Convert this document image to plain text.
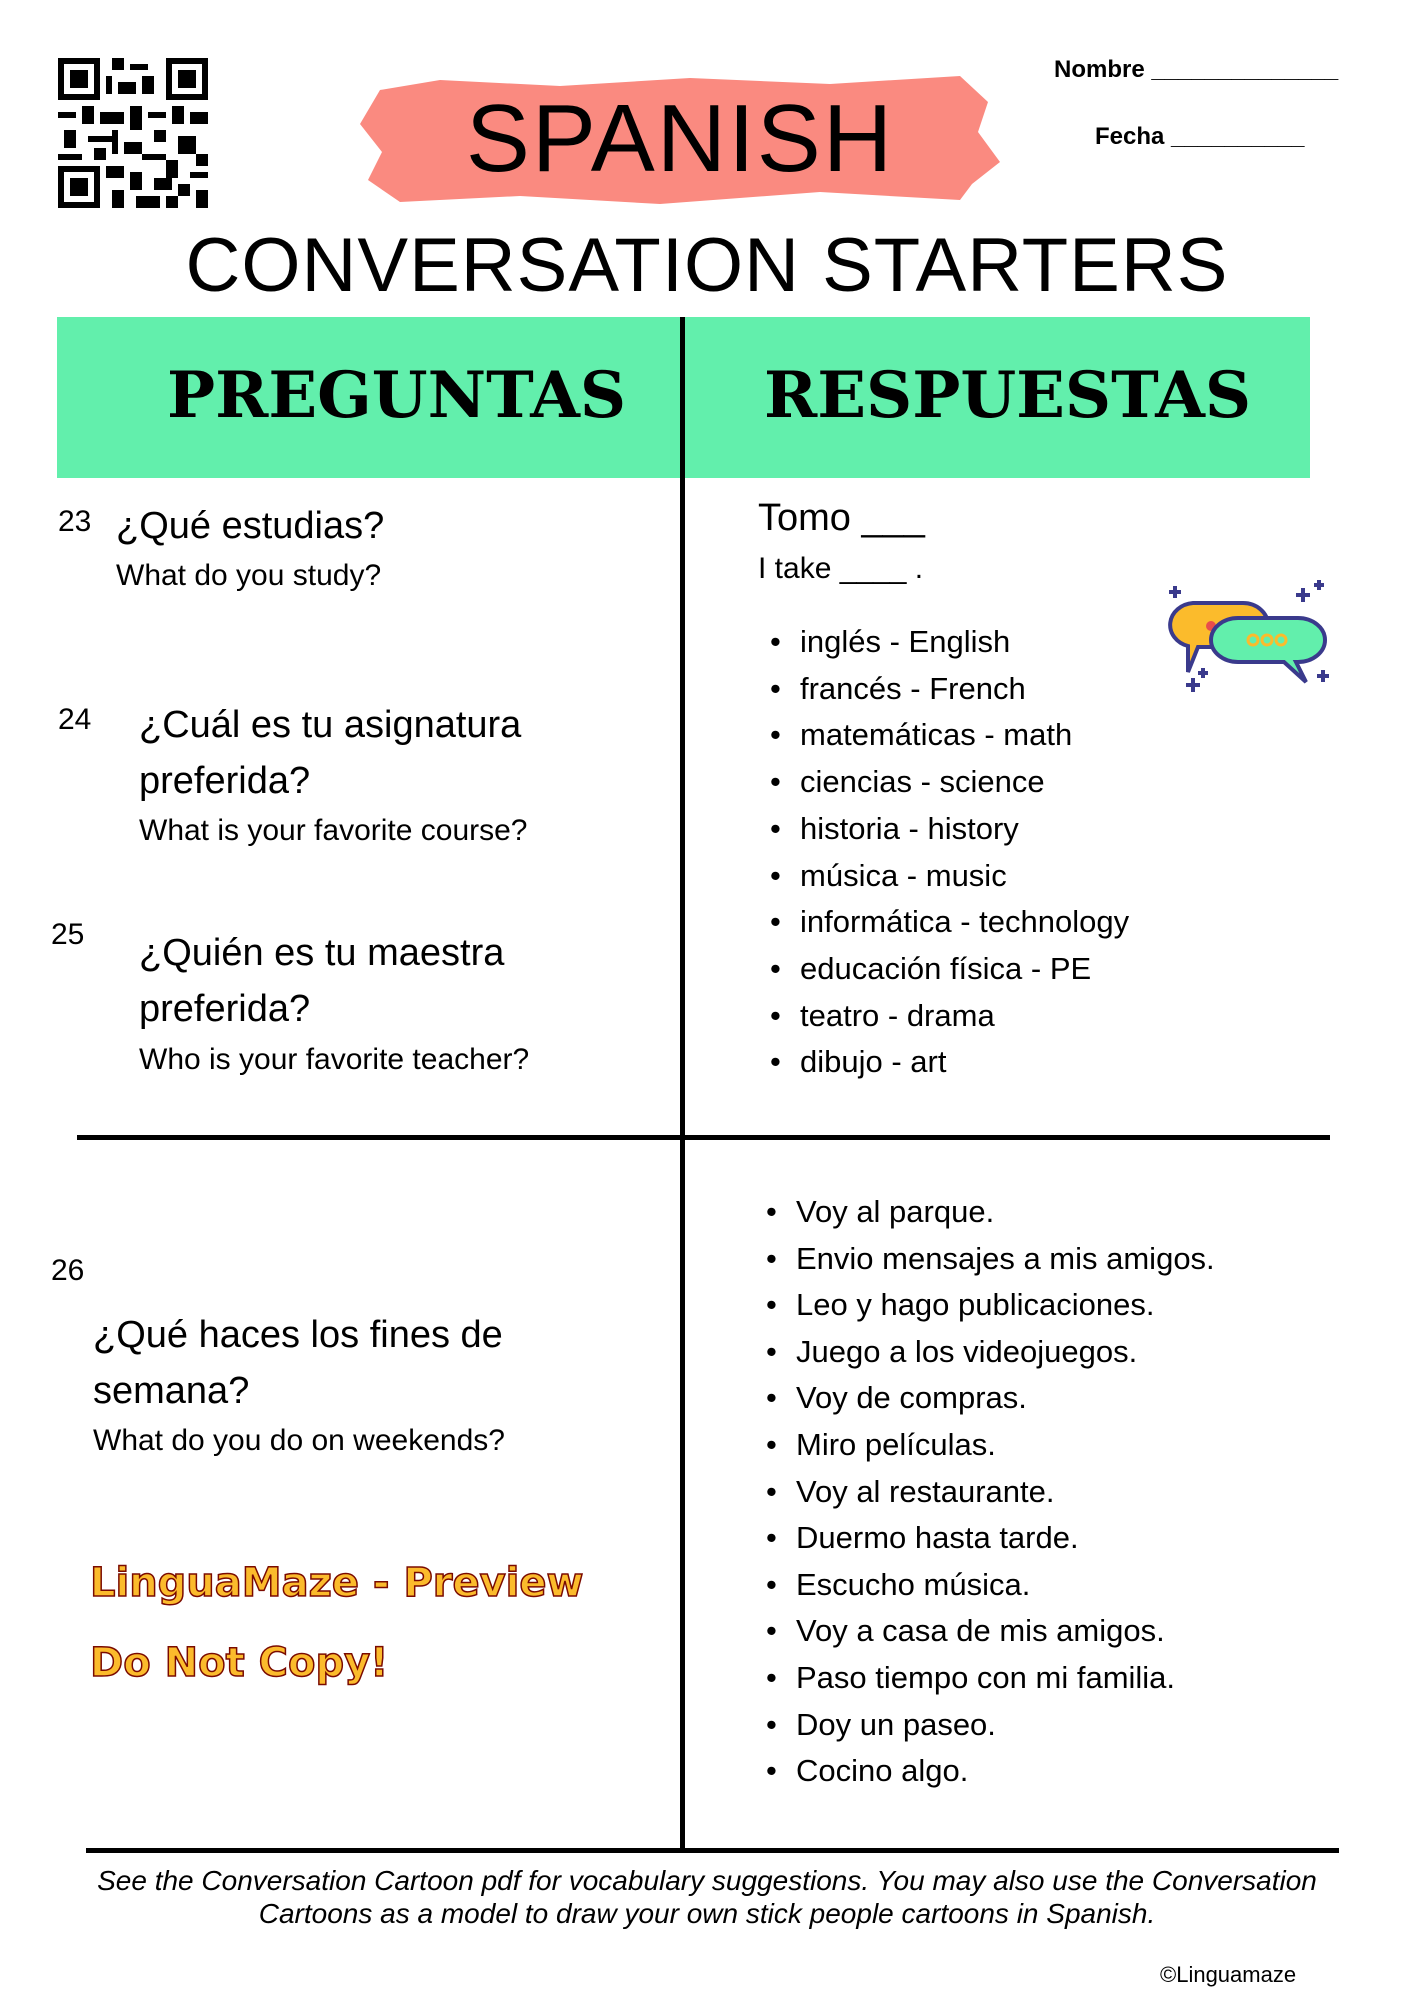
SPANISH
CONVERSATION STARTERS
Nombre ______________
Fecha __________
PREGUNTAS RESPUESTAS
23 ¿Qué estudias?
What do you study?
24 ¿Cuál es tu asignatura
preferida?
What is your favorite course?
25 ¿Quién es tu maestra
preferida?
Who is your favorite teacher?
26
¿Qué haces los fines de
semana?
What do you do on weekends?
Tomo ___
I take ____ .
• inglés - English
• francés - French
• matemáticas - math
• ciencias - science
• historia - history
• música - music
• informática - technology
• educación física - PE
• teatro - drama
• dibujo - art
• Voy al parque.
• Envio mensajes a mis amigos.
• Leo y hago publicaciones.
• Juego a los videojuegos.
• Voy de compras.
• Miro películas.
• Voy al restaurante.
• Duermo hasta tarde.
• Escucho música.
• Voy a casa de mis amigos.
• Paso tiempo con mi familia.
• Doy un paseo.
• Cocino algo.
LinguaMaze - Preview
Do Not Copy!
See the Conversation Cartoon pdf for vocabulary suggestions. You may also use the Conversation Cartoons as a model to draw your own stick people cartoons in Spanish.
©Linguamaze
